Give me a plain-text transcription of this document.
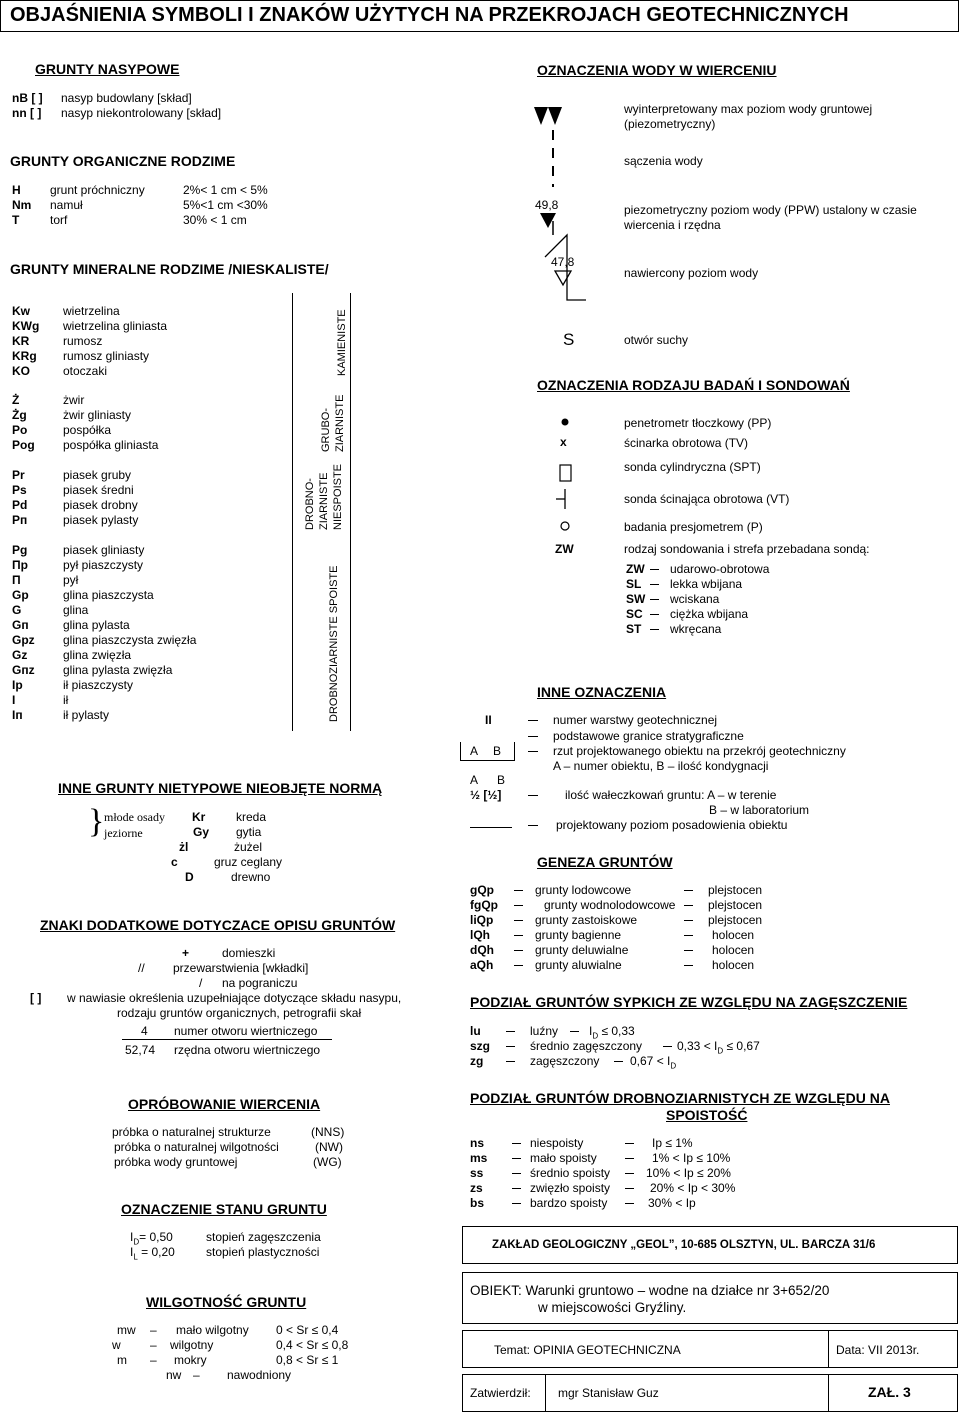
OBJAŚNIENIA SYMBOLI I ZNAKÓW UŻYTYCH NA PRZEKROJACH GEOTECHNICZNYCH
GRUNTY NASYPOWE
nB [ ] nasyp budowlany [skład]
nn [ ] nasyp niekontrolowany [skład]
GRUNTY ORGANICZNE RODZIME
H grunt próchniczny	2%< 1 cm < 5%
Nm namuł	5%<1 cm <30%
T	torf	30% < 1 cm
GRUNTY MINERALNE RODZIME /NIESKALISTE/
Kw	wietrzelina
KWg wietrzelina gliniasta
KR	rumosz
KRg rumosz gliniasty
KO	otoczaki
Ż	żwir
Żg	żwir gliniasty
Po	pospółka
Pog pospółka gliniasta
Pr	piasek gruby
Ps	piasek średni
Pd	piasek drobny
Pп	piasek pylasty
Pg	piasek gliniasty
Пp	pył piaszczysty
П	pył
Gp	glina piaszczysta
G	glina
Gп	glina pylasta
Gpz glina piaszczysta zwięzła
Gz	glina zwięzła
Gпz glina pylasta zwięzła
Ip	ił piaszczysty
I	ił
Iп	ił pylasty
KAMIENISTE
GRUBO- ZIARNISTE
DROBNO- ZIARNISTE NIESPOISTE
DROBNOZIARNISTE SPOISTE
INNE GRUNTY NIETYPOWE NIEOBJĘTE NORMĄ
} młode osady
jeziorne
Kr	kreda
Gy gytia
żl	żużel
c	gruz ceglany
D	drewno
ZNAKI DODATKOWE DOTYCZACE OPISU GRUNTÓW
+	domieszki
// przewarstwienia [wkładki]
/ na pograniczu
[ ] w nawiasie określenia uzupełniające dotyczące składu nasypu,
rodzaju gruntów organicznych, petrografii skał
4 numer otworu wiertniczego
52,74 rzędna otworu wiertniczego
OPRÓBOWANIE WIERCENIA
próbka o naturalnej strukturze	(NNS)
próbka o naturalnej wilgotności	(NW)
próbka wody gruntowej	(WG)
OZNACZENIE STANU GRUNTU
$I_D= 0,50$	stopień zagęszczenia
$I_L = 0,20$	stopień plastyczności
WILGOTNOŚĆ GRUNTU
mw – mało wilgotny 0 < Sr ≤ 0,4
w – wilgotny	0,4 < Sr ≤ 0,8
m – mokry	0,8 < Sr ≤ 1
nw – nawodniony
OZNACZENIA WODY W WIERCENIU
wyinterpretowany max poziom wody gruntowej
(piezometryczny)
sączenia wody
49,8	piezometryczny poziom wody (PPW) ustalony w czasie
wiercenia i rzędna
47,8
nawiercony poziom wody
S	otwór suchy
OZNACZENIA RODZAJU BADAŃ I SONDOWAŃ
penetrometr tłoczkowy (PP)
x	ścinarka obrotowa (TV)
sonda cylindryczna (SPT)
sonda ścinająca obrotowa (VT)
badania presjometrem (P)
ZW	rodzaj sondowania i strefa przebadana sondą:
ZW udarowo-obrotowa
SL lekka wbijana
SW wciskana
SC ciężka wbijana
ST wkręcana
INNE OZNACZENIA
II	numer warstwy geotechnicznej
podstawowe granice stratygraficzne
A B	rzut projektowanego obiektu na przekrój geotechniczny
A – numer obiektu, B – ilość kondygnacji
A B
½ [½]	ilość wałeczkowań gruntu: A – w terenie
B – w laboratorium
projektowany poziom posadowienia obiektu
GENEZA GRUNTÓW
gQp	grunty lodowcowe	plejstocen
fgQp	grunty wodnolodowcowe	plejstocen
liQp	grunty zastoiskowe	plejstocen
lQh	grunty bagienne	holocen
dQh	grunty deluwialne	holocen
aQh	grunty aluwialne	holocen
PODZIAŁ GRUNTÓW SYPKICH ZE WZGLĘDU NA ZAGĘSZCZENIE
lu	luźny	$I_D \le 0,33$
szg	średnio zagęszczony	$0,33 < I_D \le 0,67$
zg	zagęszczony	$0,67 < I_D$
PODZIAŁ GRUNTÓW DROBNOZIARNISTYCH ZE WZGLĘDU NA
SPOISTOŚĆ
ns	niespoisty	Ip ≤ 1%
ms	mało spoisty	1% < Ip ≤ 10%
ss	średnio spoisty	10% < Ip ≤ 20%
zs	zwięzło spoisty	20% < Ip < 30%
bs	bardzo spoisty	30% < Ip
ZAKŁAD GEOLOGICZNY „GEOL”, 10-685 OLSZTYN, UL. BARCZA 31/6
OBIEKT: Warunki gruntowo – wodne na działce nr 3+652/20
w miejscowości Gryźliny.
Temat: OPINIA GEOTECHNICZNA	Data: VII 2013r.
Zatwierdził: mgr Stanisław Guz	ZAŁ. 3
